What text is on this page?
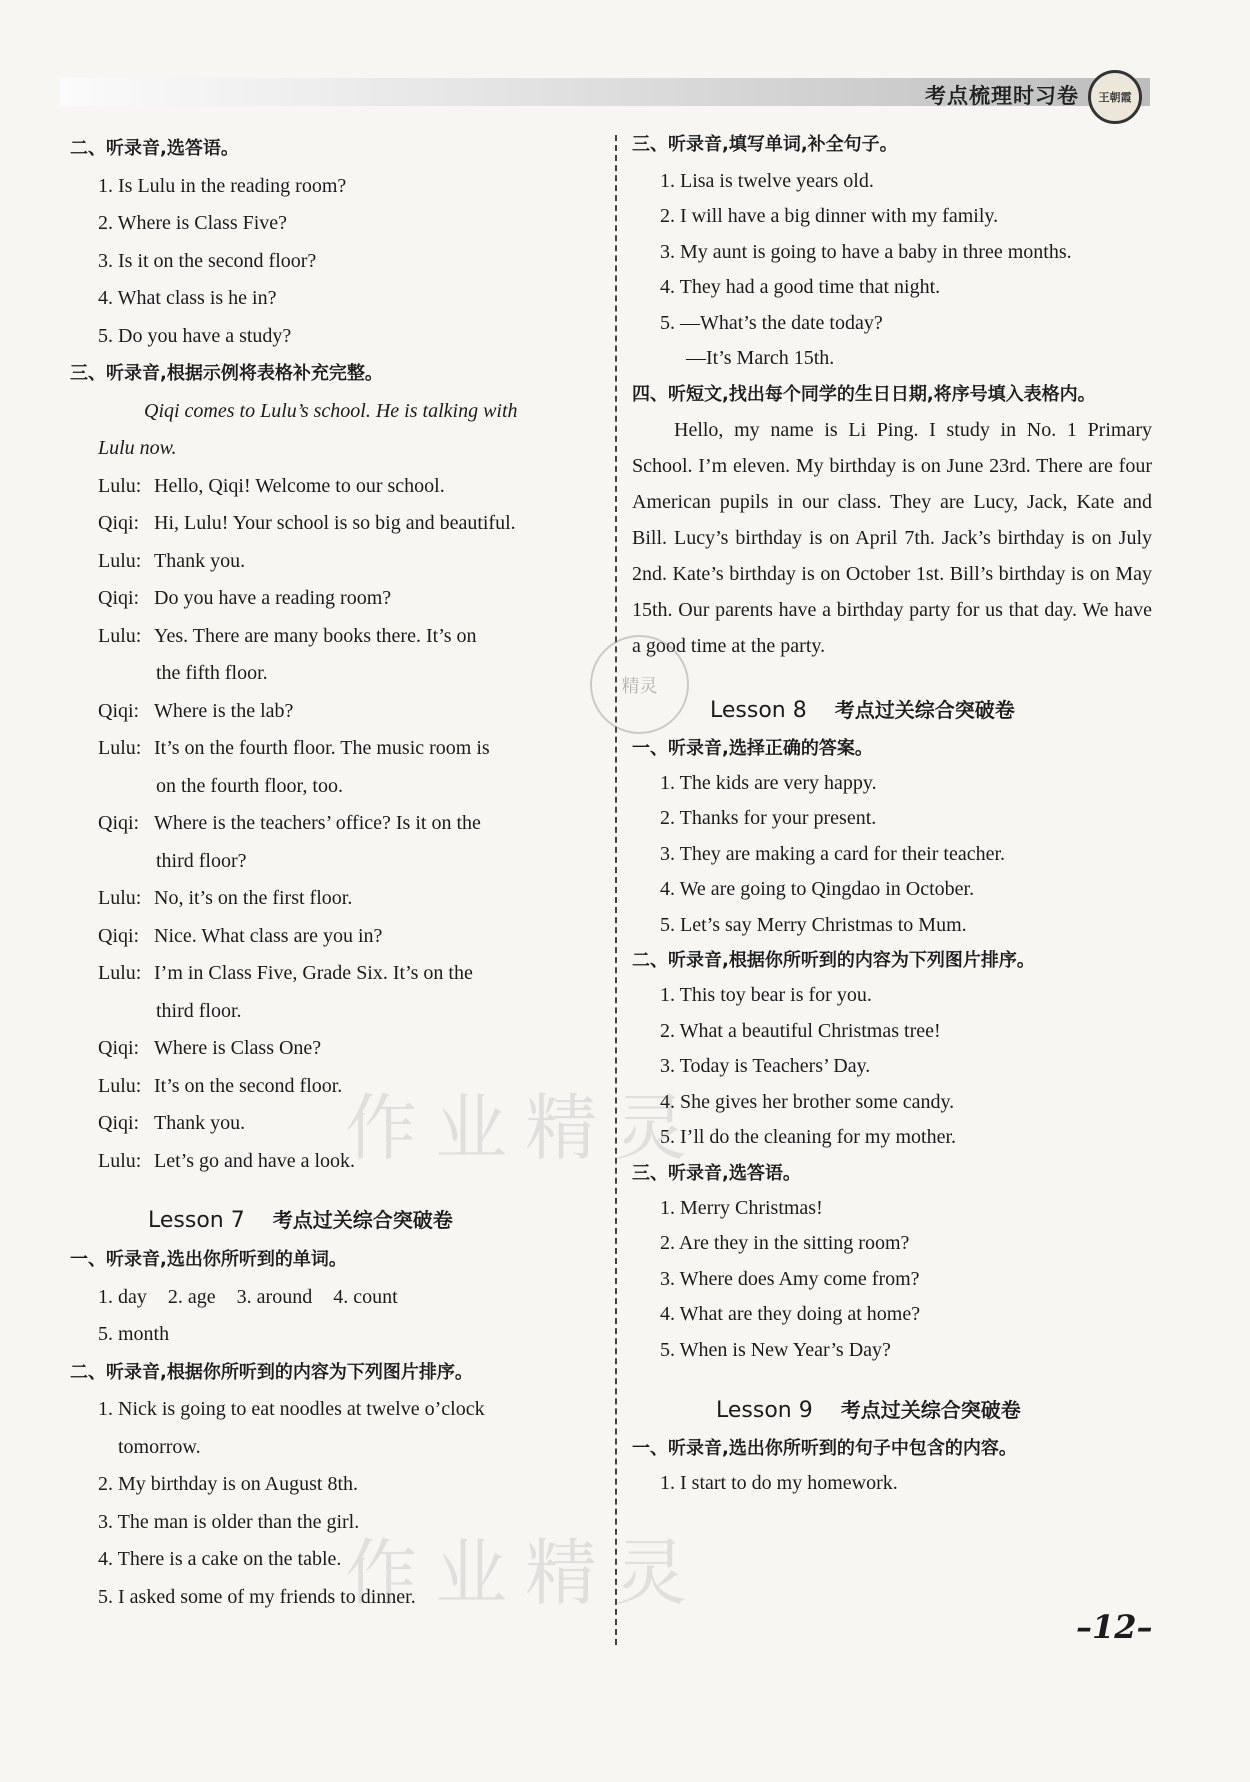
考点梳理时习卷 王朝霞
二、听录音,选答语。
1. Is Lulu in the reading room?
2. Where is Class Five?
3. Is it on the second floor?
4. What class is he in?
5. Do you have a study?
三、听录音,根据示例将表格补充完整。
Qiqi comes to Lulu’s school. He is talking with
Lulu now.
Lulu: Hello, Qiqi! Welcome to our school.
Qiqi: Hi, Lulu! Your school is so big and beautiful.
Lulu: Thank you.
Qiqi: Do you have a reading room?
Lulu: Yes. There are many books there. It’s on
the fifth floor.
Qiqi: Where is the lab?
Lulu: It’s on the fourth floor. The music room is
on the fourth floor, too.
Qiqi: Where is the teachers’ office? Is it on the
third floor?
Lulu: No, it’s on the first floor.
Qiqi: Nice. What class are you in?
Lulu: I’m in Class Five, Grade Six. It’s on the
third floor.
Qiqi: Where is Class One?
Lulu: It’s on the second floor.
Qiqi: Thank you.
Lulu: Let’s go and have a look.
Lesson 7 考点过关综合突破卷
一、听录音,选出你所听到的单词。
1. day 2. age 3. around 4. count
5. month
二、听录音,根据你所听到的内容为下列图片排序。
1. Nick is going to eat noodles at twelve o’clock
tomorrow.
2. My birthday is on August 8th.
3. The man is older than the girl.
4. There is a cake on the table.
5. I asked some of my friends to dinner.
三、听录音,填写单词,补全句子。
1. Lisa is twelve years old.
2. I will have a big dinner with my family.
3. My aunt is going to have a baby in three months.
4. They had a good time that night.
5. —What’s the date today?
—It’s March 15th.
四、听短文,找出每个同学的生日日期,将序号填入表格内。
Hello, my name is Li Ping. I study in No. 1 Primary School. I’m eleven. My birthday is on June 23rd. There are four American pupils in our class. They are Lucy, Jack, Kate and Bill. Lucy’s birthday is on April 7th. Jack’s birthday is on July 2nd. Kate’s birthday is on October 1st. Bill’s birthday is on May 15th. Our parents have a birthday party for us that day. We have a good time at the party.
Lesson 8 考点过关综合突破卷
一、听录音,选择正确的答案。
1. The kids are very happy.
2. Thanks for your present.
3. They are making a card for their teacher.
4. We are going to Qingdao in October.
5. Let’s say Merry Christmas to Mum.
二、听录音,根据你所听到的内容为下列图片排序。
1. This toy bear is for you.
2. What a beautiful Christmas tree!
3. Today is Teachers’ Day.
4. She gives her brother some candy.
5. I’ll do the cleaning for my mother.
三、听录音,选答语。
1. Merry Christmas!
2. Are they in the sitting room?
3. Where does Amy come from?
4. What are they doing at home?
5. When is New Year’s Day?
Lesson 9 考点过关综合突破卷
一、听录音,选出你所听到的句子中包含的内容。
1. I start to do my homework.
作业精灵
作业精灵
精灵
–12–
